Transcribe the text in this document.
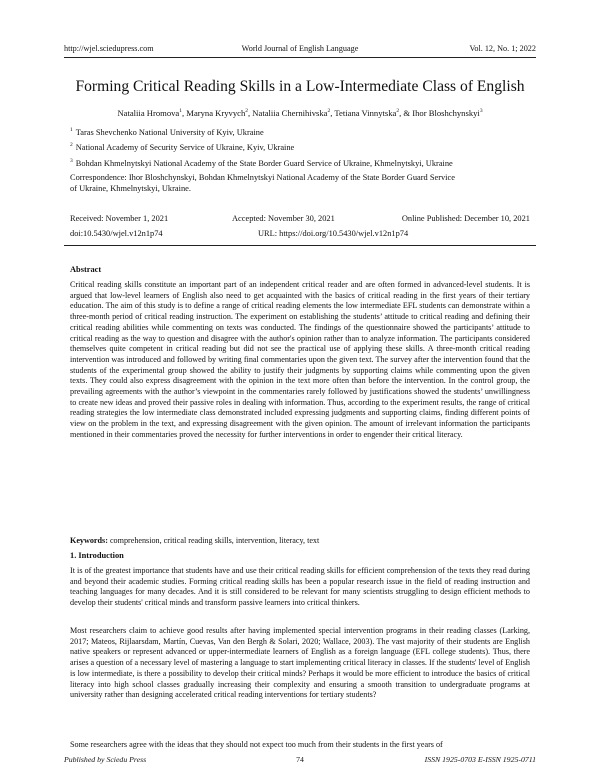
http://wjel.sciedupress.com	World Journal of English Language	Vol. 12, No. 1; 2022
Forming Critical Reading Skills in a Low-Intermediate Class of English
Nataliia Hromova$^1$, Maryna Kryvych$^2$, Nataliia Chernihivska$^2$, Tetiana Vinnytska$^2$, & Ihor Bloshchynskyi$^3$
$^1$ Taras Shevchenko National University of Kyiv, Ukraine
$^2$ National Academy of Security Service of Ukraine, Kyiv, Ukraine
$^3$ Bohdan Khmelnytskyi National Academy of the State Border Guard Service of Ukraine, Khmelnytskyi, Ukraine
Correspondence: Ihor Bloshchynskyi, Bohdan Khmelnytskyi National Academy of the State Border Guard Service
of Ukraine, Khmelnytskyi, Ukraine.
Received: November 1, 2021	Accepted: November 30, 2021	Online Published: December 10, 2021
doi:10.5430/wjel.v12n1p74	URL: https://doi.org/10.5430/wjel.v12n1p74
Abstract
Critical reading skills constitute an important part of an independent critical reader and are often formed in advanced-level students. It is argued that low-level learners of English also need to get acquainted with the basics of critical reading in the first years of their tertiary education. The aim of this study is to define a range of critical reading elements the low intermediate EFL students can demonstrate within a three-month period of critical reading instruction. The experiment on establishing the students’ attitude to critical reading and defining their critical reading abilities while commenting on texts was conducted. The findings of the questionnaire showed the participants’ attitude to critical reading as the way to question and disagree with the author's opinion rather than to analyze information. The participants considered themselves quite competent in critical reading but did not see the practical use of applying these skills. A three-month critical reading intervention was introduced and followed by writing final commentaries upon the given text. The survey after the intervention found that the students of the experimental group showed the ability to justify their judgments by supporting claims while commenting upon the given texts. They could also express disagreement with the opinion in the text more often than before the intervention. In the control group, the prevailing agreements with the author’s viewpoint in the commentaries rarely followed by justifications showed the students’ unwillingness to create new ideas and proved their passive roles in dealing with information. Thus, according to the experiment results, the range of critical reading strategies the low intermediate class demonstrated included expressing judgments and supporting claims, finding different points of view on the problem in the text, and expressing disagreement with the given opinion. The amount of irrelevant information the participants mentioned in their commentaries proved the necessity for further interventions in order to engender their critical literacy.
Keywords: comprehension, critical reading skills, intervention, literacy, text
1. Introduction
It is of the greatest importance that students have and use their critical reading skills for efficient comprehension of the texts they read during and beyond their academic studies. Forming critical reading skills has been a popular research issue in the field of reading instruction and teaching languages for many decades. And it is still considered to be relevant for many scientists struggling to design efficient methods to develop their students' critical minds and transform passive learners into critical thinkers.
Most researchers claim to achieve good results after having implemented special intervention programs in their reading classes (Larking, 2017; Mateos, Rijlaarsdam, Martín, Cuevas, Van den Bergh & Solari, 2020; Wallace, 2003). The vast majority of their students are English native speakers or represent advanced or upper-intermediate learners of English as a foreign language (EFL college students). Thus, there arises a question of a necessary level of mastering a language to start implementing critical literacy in classes. If the students' level of English is low intermediate, is there a possibility to develop their critical minds? Perhaps it would be more efficient to introduce the basics of critical literacy into high school classes gradually increasing their complexity and ensuring a smooth transition to undergraduate programs at university rather than designing accelerated critical reading interventions for tertiary students?
Some researchers agree with the ideas that they should not expect too much from their students in the first years of
Published by Sciedu Press	74	ISSN 1925-0703 E-ISSN 1925-0711
